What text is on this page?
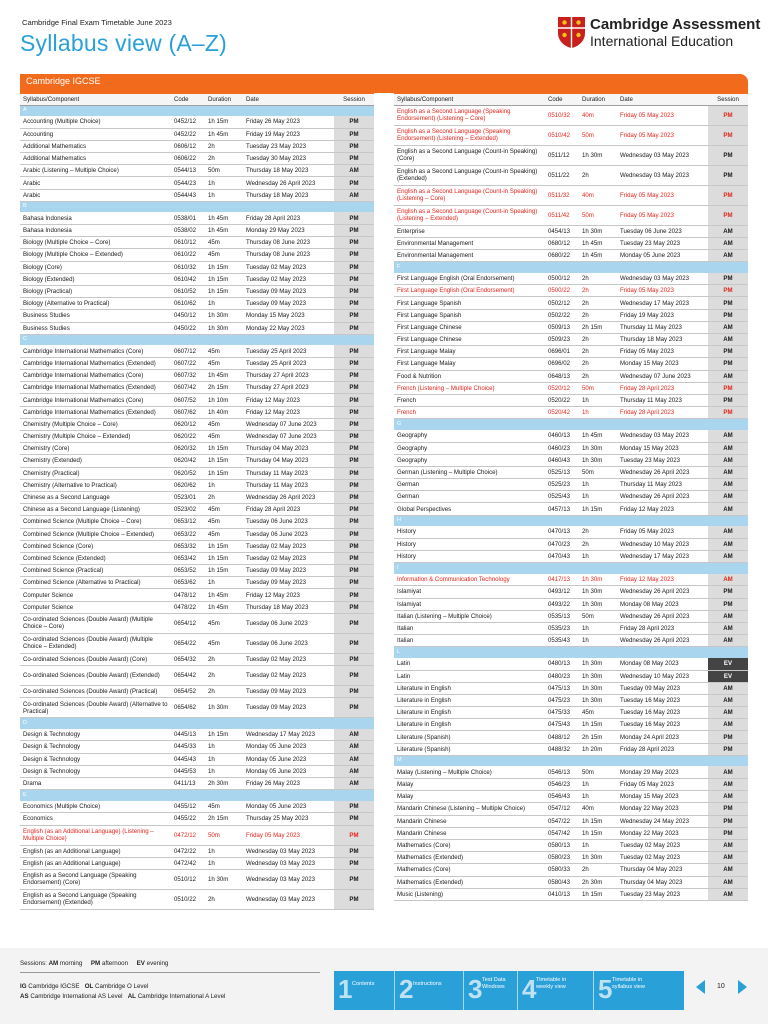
Cambridge Final Exam Timetable June 2023
Syllabus view (A–Z)
Cambridge Assessment
International Education
Cambridge IGCSE
Syllabus/Component	Code	Duration	Date	Session
A				
Accounting (Multiple Choice)	0452/12	1h 15m	Friday 26 May 2023	PM
Accounting	0452/22	1h 45m	Friday 19 May 2023	PM
Additional Mathematics	0606/12	2h	Tuesday 23 May 2023	PM
Additional Mathematics	0606/22	2h	Tuesday 30 May 2023	PM
Arabic (Listening – Multiple Choice)	0544/13	50m	Thursday 18 May 2023	AM
Arabic	0544/23	1h	Wednesday 26 April 2023	PM
Arabic	0544/43	1h	Thursday 18 May 2023	AM
B				
Bahasa Indonesia	0538/01	1h 45m	Friday 28 April 2023	PM
Bahasa Indonesia	0538/02	1h 45m	Monday 29 May 2023	PM
Biology (Multiple Choice – Core)	0610/12	45m	Thursday 08 June 2023	PM
Biology (Multiple Choice – Extended)	0610/22	45m	Thursday 08 June 2023	PM
Biology (Core)	0610/32	1h 15m	Tuesday 02 May 2023	PM
Biology (Extended)	0610/42	1h 15m	Tuesday 02 May 2023	PM
Biology (Practical)	0610/52	1h 15m	Tuesday 09 May 2023	PM
Biology (Alternative to Practical)	0610/62	1h	Tuesday 09 May 2023	PM
Business Studies	0450/12	1h 30m	Monday 15 May 2023	PM
Business Studies	0450/22	1h 30m	Monday 22 May 2023	PM
C				
Cambridge International Mathematics (Core)	0607/12	45m	Tuesday 25 April 2023	PM
Cambridge International Mathematics (Extended)	0607/22	45m	Tuesday 25 April 2023	PM
Cambridge International Mathematics (Core)	0607/32	1h 45m	Thursday 27 April 2023	PM
Cambridge International Mathematics (Extended)	0607/42	2h 15m	Thursday 27 April 2023	PM
Cambridge International Mathematics (Core)	0607/52	1h 10m	Friday 12 May 2023	PM
Cambridge International Mathematics (Extended)	0607/62	1h 40m	Friday 12 May 2023	PM
Chemistry (Multiple Choice – Core)	0620/12	45m	Wednesday 07 June 2023	PM
Chemistry (Multiple Choice – Extended)	0620/22	45m	Wednesday 07 June 2023	PM
Chemistry (Core)	0620/32	1h 15m	Thursday 04 May 2023	PM
Chemistry (Extended)	0620/42	1h 15m	Thursday 04 May 2023	PM
Chemistry (Practical)	0620/52	1h 15m	Thursday 11 May 2023	PM
Chemistry (Alternative to Practical)	0620/62	1h	Thursday 11 May 2023	PM
Chinese as a Second Language	0523/01	2h	Wednesday 26 April 2023	PM
Chinese as a Second Language (Listening)	0523/02	45m	Friday 28 April 2023	PM
Combined Science (Multiple Choice – Core)	0653/12	45m	Tuesday 06 June 2023	PM
Combined Science (Multiple Choice – Extended)	0653/22	45m	Tuesday 06 June 2023	PM
Combined Science (Core)	0653/32	1h 15m	Tuesday 02 May 2023	PM
Combined Science (Extended)	0653/42	1h 15m	Tuesday 02 May 2023	PM
Combined Science (Practical)	0653/52	1h 15m	Tuesday 09 May 2023	PM
Combined Science (Alternative to Practical)	0653/62	1h	Tuesday 09 May 2023	PM
Computer Science	0478/12	1h 45m	Friday 12 May 2023	PM
Computer Science	0478/22	1h 45m	Thursday 18 May 2023	PM
Co-ordinated Sciences (Double Award) (Multiple Choice – Core)	0654/12	45m	Tuesday 06 June 2023	PM
Co-ordinated Sciences (Double Award) (Multiple Choice – Extended)	0654/22	45m	Tuesday 06 June 2023	PM
Co-ordinated Sciences (Double Award) (Core)	0654/32	2h	Tuesday 02 May 2023	PM
Co-ordinated Sciences (Double Award) (Extended)	0654/42	2h	Tuesday 02 May 2023	PM
Co-ordinated Sciences (Double Award) (Practical)	0654/52	2h	Tuesday 09 May 2023	PM
Co-ordinated Sciences (Double Award) (Alternative to Practical)	0654/62	1h 30m	Tuesday 09 May 2023	PM
D				
Design & Technology	0445/13	1h 15m	Wednesday 17 May 2023	AM
Design & Technology	0445/33	1h	Monday 05 June 2023	AM
Design & Technology	0445/43	1h	Monday 05 June 2023	AM
Design & Technology	0445/53	1h	Monday 05 June 2023	AM
Drama	0411/13	2h 30m	Friday 26 May 2023	AM
E				
Economics (Multiple Choice)	0455/12	45m	Monday 05 June 2023	PM
Economics	0455/22	2h 15m	Thursday 25 May 2023	PM
English (as an Additional Language) (Listening – Multiple Choice)	0472/12	50m	Friday 05 May 2023	PM
English (as an Additional Language)	0472/22	1h	Wednesday 03 May 2023	PM
English (as an Additional Language)	0472/42	1h	Wednesday 03 May 2023	PM
English as a Second Language (Speaking Endorsement) (Core)	0510/12	1h 30m	Wednesday 03 May 2023	PM
English as a Second Language (Speaking Endorsement) (Extended)	0510/22	2h	Wednesday 03 May 2023	PM
Syllabus/Component	Code	Duration	Date	Session
English as a Second Language (Speaking Endorsement) (Listening – Core)	0510/32	40m	Friday 05 May 2023	PM
English as a Second Language (Speaking Endorsement) (Listening – Extended)	0510/42	50m	Friday 05 May 2023	PM
English as a Second Language (Count-in Speaking) (Core)	0511/12	1h 30m	Wednesday 03 May 2023	PM
English as a Second Language (Count-in Speaking) (Extended)	0511/22	2h	Wednesday 03 May 2023	PM
English as a Second Language (Count-in Speaking) (Listening – Core)	0511/32	40m	Friday 05 May 2023	PM
English as a Second Language (Count-in Speaking) (Listening – Extended)	0511/42	50m	Friday 05 May 2023	PM
Enterprise	0454/13	1h 30m	Tuesday 06 June 2023	AM
Environmental Management	0680/12	1h 45m	Tuesday 23 May 2023	AM
Environmental Management	0680/22	1h 45m	Monday 05 June 2023	AM
F				
First Language English (Oral Endorsement)	0500/12	2h	Wednesday 03 May 2023	PM
First Language English (Oral Endorsement)	0500/22	2h	Friday 05 May 2023	PM
First Language Spanish	0502/12	2h	Wednesday 17 May 2023	PM
First Language Spanish	0502/22	2h	Friday 19 May 2023	PM
First Language Chinese	0509/13	2h 15m	Thursday 11 May 2023	AM
First Language Chinese	0509/23	2h	Thursday 18 May 2023	AM
First Language Malay	0696/01	2h	Friday 05 May 2023	PM
First Language Malay	0696/02	2h	Monday 15 May 2023	PM
Food & Nutrition	0648/13	2h	Wednesday 07 June 2023	AM
French (Listening – Multiple Choice)	0520/12	50m	Friday 28 April 2023	PM
French	0520/22	1h	Thursday 11 May 2023	PM
French	0520/42	1h	Friday 28 April 2023	PM
G				
Geography	0460/13	1h 45m	Wednesday 03 May 2023	AM
Geography	0460/23	1h 30m	Monday 15 May 2023	AM
Geography	0460/43	1h 30m	Tuesday 23 May 2023	AM
German (Listening – Multiple Choice)	0525/13	50m	Wednesday 26 April 2023	AM
German	0525/23	1h	Thursday 11 May 2023	AM
German	0525/43	1h	Wednesday 26 April 2023	AM
Global Perspectives	0457/13	1h 15m	Friday 12 May 2023	AM
H				
History	0470/13	2h	Friday 05 May 2023	AM
History	0470/23	2h	Wednesday 10 May 2023	AM
History	0470/43	1h	Wednesday 17 May 2023	AM
I				
Information & Communication Technology	0417/13	1h 30m	Friday 12 May 2023	AM
Islamiyat	0493/12	1h 30m	Wednesday 26 April 2023	PM
Islamiyat	0493/22	1h 30m	Monday 08 May 2023	PM
Italian (Listening – Multiple Choice)	0535/13	50m	Wednesday 26 April 2023	AM
Italian	0535/23	1h	Friday 28 April 2023	AM
Italian	0535/43	1h	Wednesday 26 April 2023	AM
L				
Latin	0480/13	1h 30m	Monday 08 May 2023	EV
Latin	0480/23	1h 30m	Wednesday 10 May 2023	EV
Literature in English	0475/13	1h 30m	Tuesday 09 May 2023	AM
Literature in English	0475/23	1h 30m	Tuesday 16 May 2023	AM
Literature in English	0475/33	45m	Tuesday 16 May 2023	AM
Literature in English	0475/43	1h 15m	Tuesday 16 May 2023	AM
Literature (Spanish)	0488/12	2h 15m	Monday 24 April 2023	PM
Literature (Spanish)	0488/32	1h 20m	Friday 28 April 2023	PM
M				
Malay (Listening – Multiple Choice)	0546/13	50m	Monday 29 May 2023	AM
Malay	0546/23	1h	Friday 05 May 2023	AM
Malay	0546/43	1h	Monday 15 May 2023	AM
Mandarin Chinese (Listening – Multiple Choice)	0547/12	40m	Monday 22 May 2023	PM
Mandarin Chinese	0547/22	1h 15m	Wednesday 24 May 2023	PM
Mandarin Chinese	0547/42	1h 15m	Monday 22 May 2023	PM
Mathematics (Core)	0580/13	1h	Tuesday 02 May 2023	AM
Mathematics (Extended)	0580/23	1h 30m	Tuesday 02 May 2023	AM
Mathematics (Core)	0580/33	2h	Thursday 04 May 2023	AM
Mathematics (Extended)	0580/43	2h 30m	Thursday 04 May 2023	AM
Music (Listening)	0410/13	1h 15m	Tuesday 23 May 2023	AM
Sessions: AM morning PM afternoon EV evening
IG Cambridge IGCSE OL Cambridge O Level
AS Cambridge International AS Level AL Cambridge International A Level	1 Contents 2 Instructions 3 Test Data Windows 4 Timetable in weekly view	5 Timetable in syllabus view	10
